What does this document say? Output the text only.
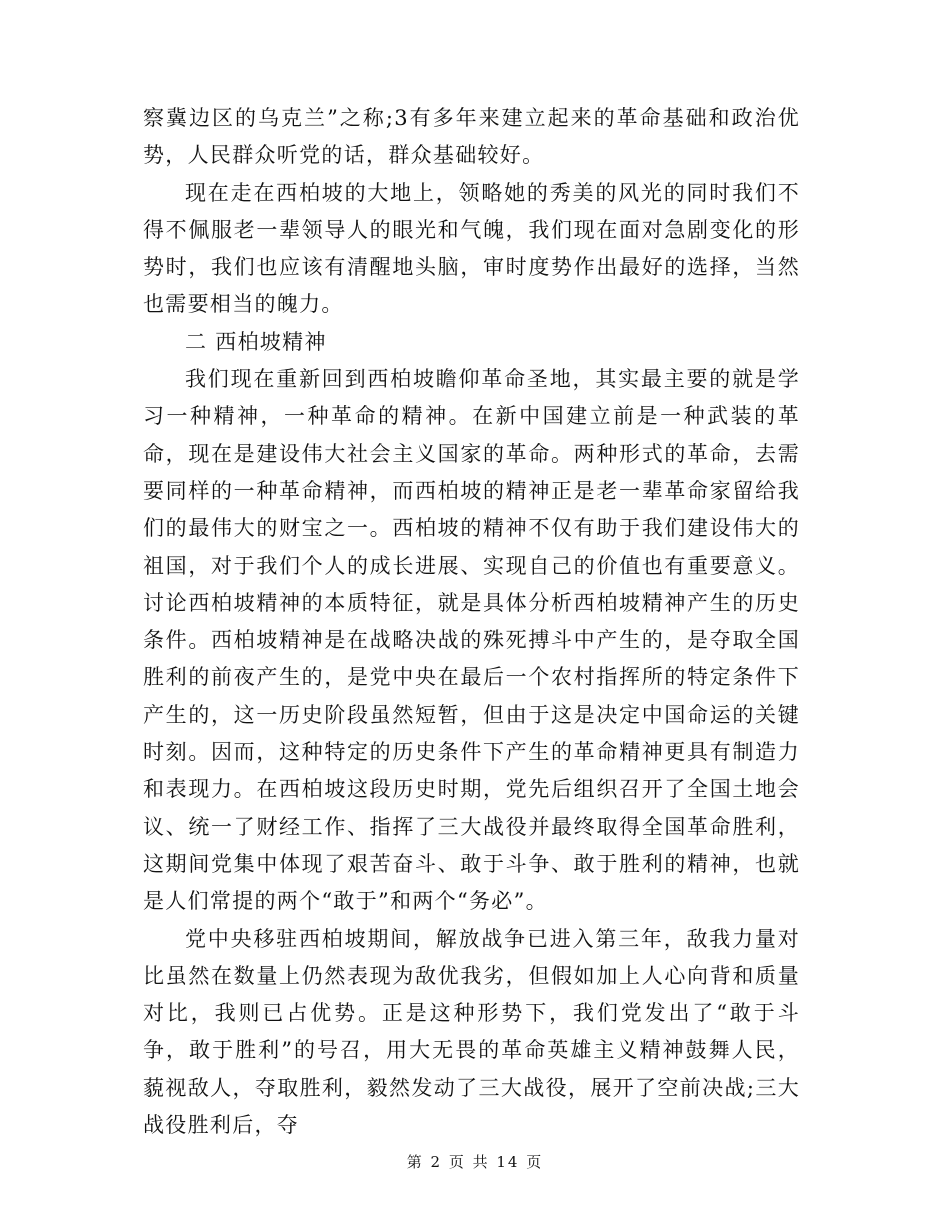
察冀边区的乌克兰”之称;3有多年来建立起来的革命基础和政治优势，人民群众听党的话，群众基础较好。

现在走在西柏坡的大地上，领略她的秀美的风光的同时我们不得不佩服老一辈领导人的眼光和气魄，我们现在面对急剧变化的形势时，我们也应该有清醒地头脑，审时度势作出最好的选择，当然也需要相当的魄力。

二 西柏坡精神

我们现在重新回到西柏坡瞻仰革命圣地，其实最主要的就是学习一种精神，一种革命的精神。在新中国建立前是一种武装的革命，现在是建设伟大社会主义国家的革命。两种形式的革命，去需要同样的一种革命精神，而西柏坡的精神正是老一辈革命家留给我们的最伟大的财宝之一。西柏坡的精神不仅有助于我们建设伟大的祖国，对于我们个人的成长进展、实现自己的价值也有重要意义。讨论西柏坡精神的本质特征，就是具体分析西柏坡精神产生的历史条件。西柏坡精神是在战略决战的殊死搏斗中产生的，是夺取全国胜利的前夜产生的，是党中央在最后一个农村指挥所的特定条件下产生的，这一历史阶段虽然短暂，但由于这是决定中国命运的关键时刻。因而，这种特定的历史条件下产生的革命精神更具有制造力和表现力。在西柏坡这段历史时期，党先后组织召开了全国土地会议、统一了财经工作、指挥了三大战役并最终取得全国革命胜利，这期间党集中体现了艰苦奋斗、敢于斗争、敢于胜利的精神，也就是人们常提的两个“敢于”和两个“务必”。

党中央移驻西柏坡期间，解放战争已进入第三年，敌我力量对比虽然在数量上仍然表现为敌优我劣，但假如加上人心向背和质量对比，我则已占优势。正是这种形势下，我们党发出了“敢于斗争，敢于胜利”的号召，用大无畏的革命英雄主义精神鼓舞人民，藐视敌人，夺取胜利，毅然发动了三大战役，展开了空前决战;三大战役胜利后，夺

第 2 页 共 14 页
